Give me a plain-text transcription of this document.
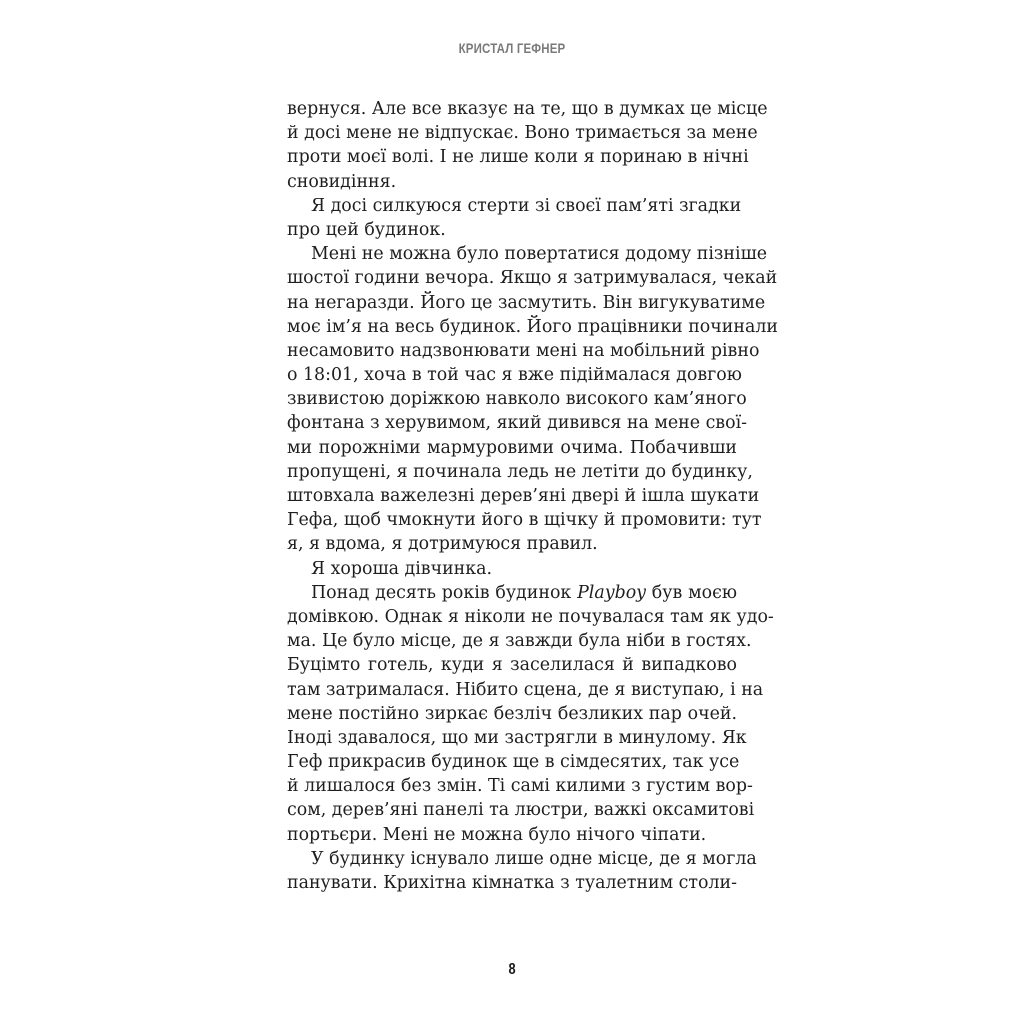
КРИСТАЛ ГЕФНЕР
вернуся. Але все вказує на те, що в думках це місце
й досі мене не відпускає. Воно тримається за мене
проти моєї волі. І не лише коли я поринаю в нічні
сновидіння.
Я досі силкуюся стерти зі своєї пам’яті згадки
про цей будинок.
Мені не можна було повертатися додому пізніше
шостої години вечора. Якщо я затримувалася, чекай
на негаразди. Його це засмутить. Він вигукуватиме
моє ім’я на весь будинок. Його працівники починали
несамовито надзвонювати мені на мобільний рівно
о 18:01, хоча в той час я вже підіймалася довгою
звивистою доріжкою навколо високого кам’яного
фонтана з херувимом, який дивився на мене свої-
ми порожніми мармуровими очима. Побачивши
пропущені, я починала ледь не летіти до будинку,
штовхала важелезні дерев’яні двері й ішла шукати
Гефа, щоб чмокнути його в щічку й промовити: тут
я, я вдома, я дотримуюся правил.
Я хороша дівчинка.
Понад десять років будинок Playboy був моєю
домівкою. Однак я ніколи не почувалася там як удо-
ма. Це було місце, де я завжди була ніби в гостях.
Буцімто готель, куди я заселилася й випадково
там затрималася. Нібито сцена, де я виступаю, і на
мене постійно зиркає безліч безликих пар очей.
Іноді здавалося, що ми застрягли в минулому. Як
Геф прикрасив будинок ще в сімдесятих, так усе
й лишалося без змін. Ті самі килими з густим вор-
сом, дерев’яні панелі та люстри, важкі оксамитові
портьєри. Мені не можна було нічого чіпати.
У будинку існувало лише одне місце, де я могла
панувати. Крихітна кімнатка з туалетним столи-
8
